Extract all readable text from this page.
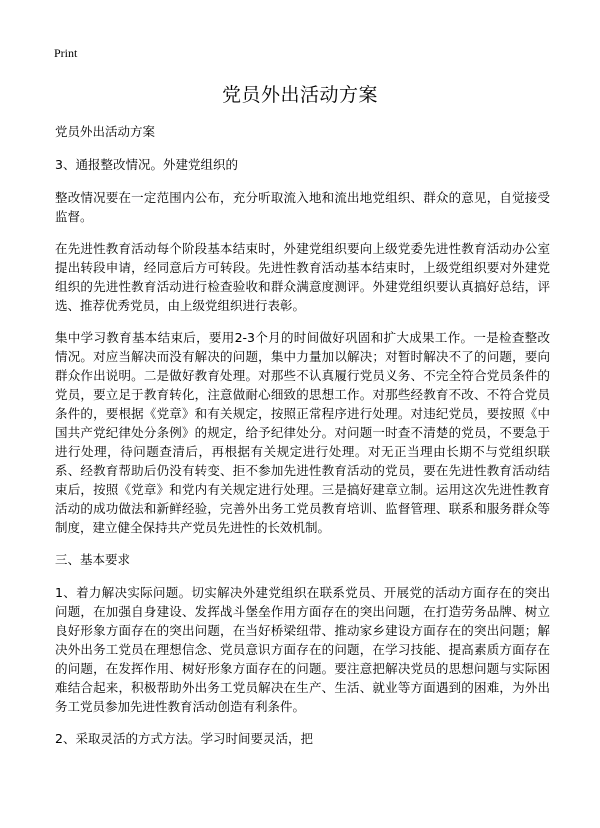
Print
党员外出活动方案

党员外出活动方案

3、通报整改情况。外建党组织的

整改情况要在一定范围内公布，充分听取流入地和流出地党组织、群众的意见，自觉接受监督。

在先进性教育活动每个阶段基本结束时，外建党组织要向上级党委先进性教育活动办公室提出转段申请，经同意后方可转段。先进性教育活动基本结束时，上级党组织要对外建党组织的先进性教育活动进行检查验收和群众满意度测评。外建党组织要认真搞好总结，评选、推荐优秀党员，由上级党组织进行表彰。

集中学习教育基本结束后，要用2-3个月的时间做好巩固和扩大成果工作。一是检查整改情况。对应当解决而没有解决的问题，集中力量加以解决；对暂时解决不了的问题，要向群众作出说明。二是做好教育处理。对那些不认真履行党员义务、不完全符合党员条件的党员，要立足于教育转化，注意做耐心细致的思想工作。对那些经教育不改、不符合党员条件的，要根据《党章》和有关规定，按照正常程序进行处理。对违纪党员，要按照《中国共产党纪律处分条例》的规定，给予纪律处分。对问题一时查不清楚的党员，不要急于进行处理，待问题查清后，再根据有关规定进行处理。对无正当理由长期不与党组织联系、经教育帮助后仍没有转变、拒不参加先进性教育活动的党员，要在先进性教育活动结束后，按照《党章》和党内有关规定进行处理。三是搞好建章立制。运用这次先进性教育活动的成功做法和新鲜经验，完善外出务工党员教育培训、监督管理、联系和服务群众等制度，建立健全保持共产党员先进性的长效机制。

三、基本要求

1、着力解决实际问题。切实解决外建党组织在联系党员、开展党的活动方面存在的突出问题，在加强自身建设、发挥战斗堡垒作用方面存在的突出问题，在打造劳务品牌、树立良好形象方面存在的突出问题，在当好桥梁纽带、推动家乡建设方面存在的突出问题；解决外出务工党员在理想信念、党员意识方面存在的问题，在学习技能、提高素质方面存在的问题，在发挥作用、树好形象方面存在的问题。要注意把解决党员的思想问题与实际困难结合起来，积极帮助外出务工党员解决在生产、生活、就业等方面遇到的困难，为外出务工党员参加先进性教育活动创造有利条件。

2、采取灵活的方式方法。学习时间要灵活，把
